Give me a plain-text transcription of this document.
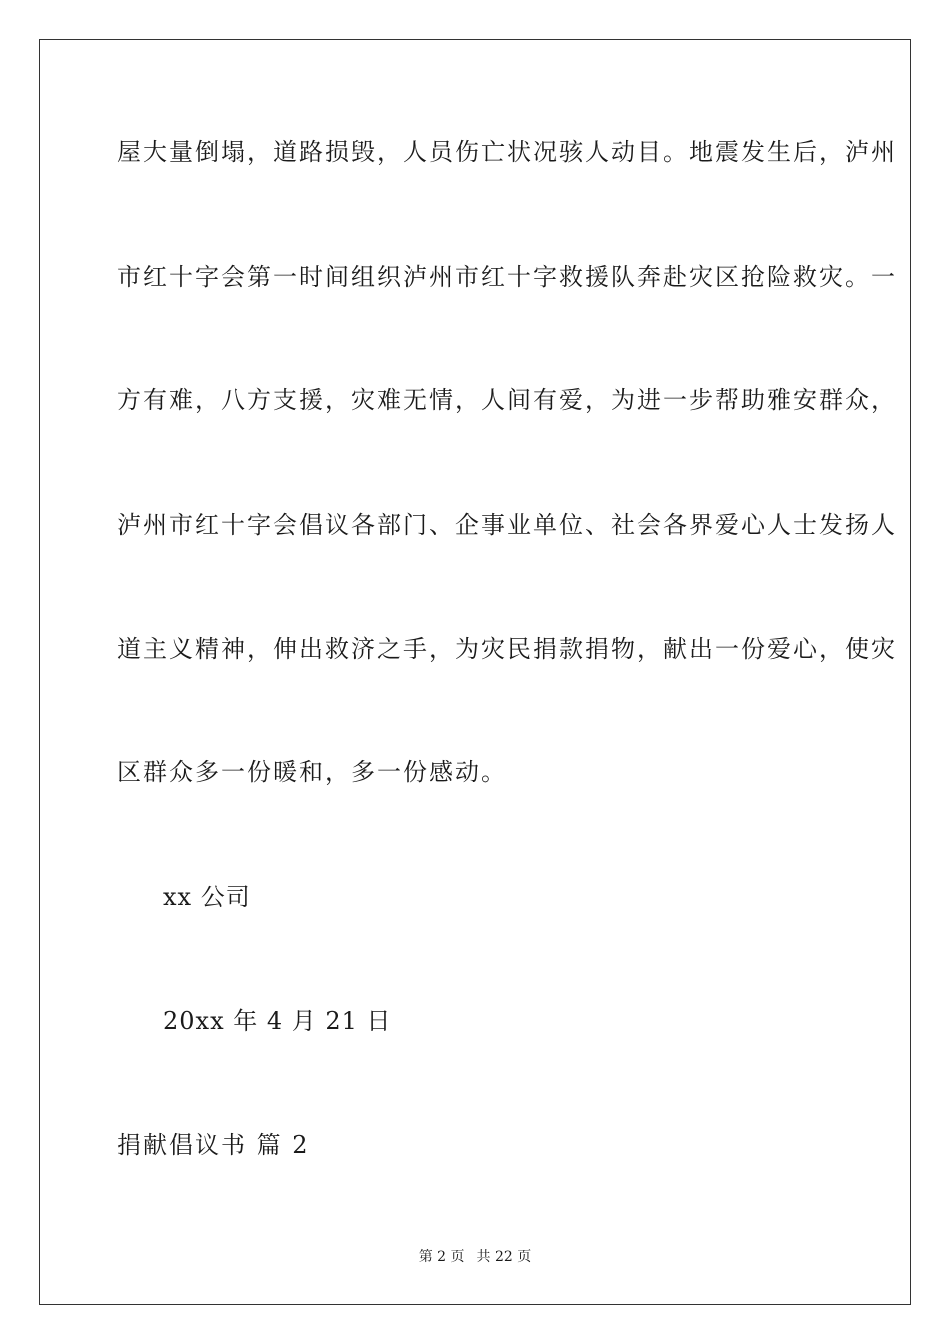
屋大量倒塌，道路损毁，人员伤亡状况骇人动目。地震发生后，泸州
市红十字会第一时间组织泸州市红十字救援队奔赴灾区抢险救灾。一
方有难，八方支援，灾难无情，人间有爱，为进一步帮助雅安群众，
泸州市红十字会倡议各部门、企事业单位、社会各界爱心人士发扬人
道主义精神，伸出救济之手，为灾民捐款捐物，献出一份爱心，使灾
区群众多一份暖和，多一份感动。
xx 公司
20xx 年 4 月 21 日
捐献倡议书 篇 2
第 2 页 共 22 页
